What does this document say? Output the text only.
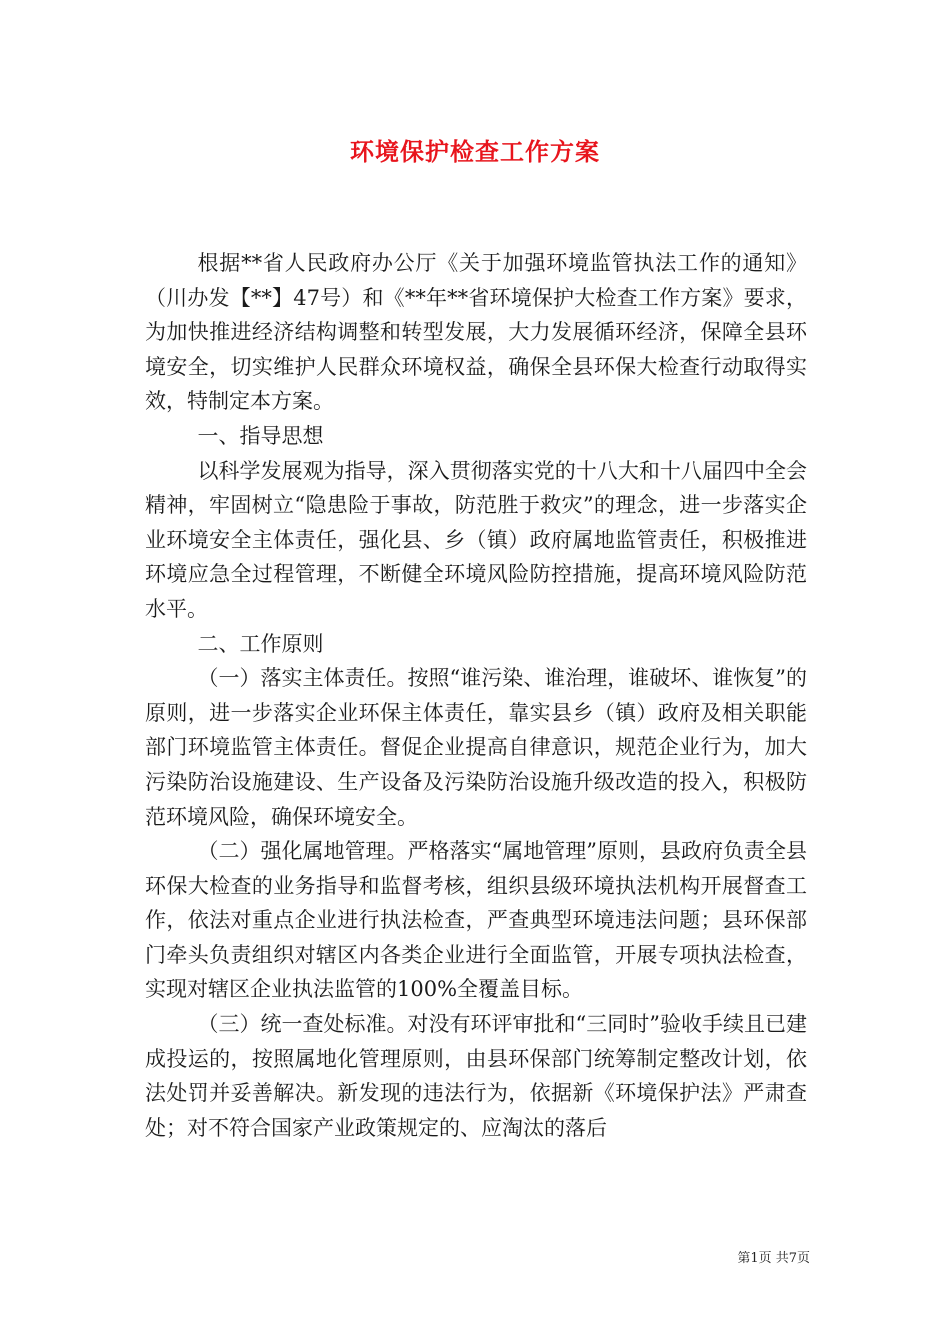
环境保护检查工作方案

根据**省人民政府办公厅《关于加强环境监管执法工作的通知》（川办发【**】47号）和《**年**省环境保护大检查工作方案》要求，为加快推进经济结构调整和转型发展，大力发展循环经济，保障全县环境安全，切实维护人民群众环境权益，确保全县环保大检查行动取得实效，特制定本方案。

一、指导思想

以科学发展观为指导，深入贯彻落实党的十八大和十八届四中全会精神，牢固树立“隐患险于事故，防范胜于救灾”的理念，进一步落实企业环境安全主体责任，强化县、乡（镇）政府属地监管责任，积极推进环境应急全过程管理，不断健全环境风险防控措施，提高环境风险防范水平。

二、工作原则

（一）落实主体责任。按照“谁污染、谁治理，谁破坏、谁恢复”的原则，进一步落实企业环保主体责任，靠实县乡（镇）政府及相关职能部门环境监管主体责任。督促企业提高自律意识，规范企业行为，加大污染防治设施建设、生产设备及污染防治设施升级改造的投入，积极防范环境风险，确保环境安全。

（二）强化属地管理。严格落实“属地管理”原则，县政府负责全县环保大检查的业务指导和监督考核，组织县级环境执法机构开展督查工作，依法对重点企业进行执法检查，严查典型环境违法问题；县环保部门牵头负责组织对辖区内各类企业进行全面监管，开展专项执法检查，实现对辖区企业执法监管的100%全覆盖目标。

（三）统一查处标准。对没有环评审批和“三同时”验收手续且已建成投运的，按照属地化管理原则，由县环保部门统筹制定整改计划，依法处罚并妥善解决。新发现的违法行为，依据新《环境保护法》严肃查处；对不符合国家产业政策规定的、应淘汰的落后

第1页 共7页
